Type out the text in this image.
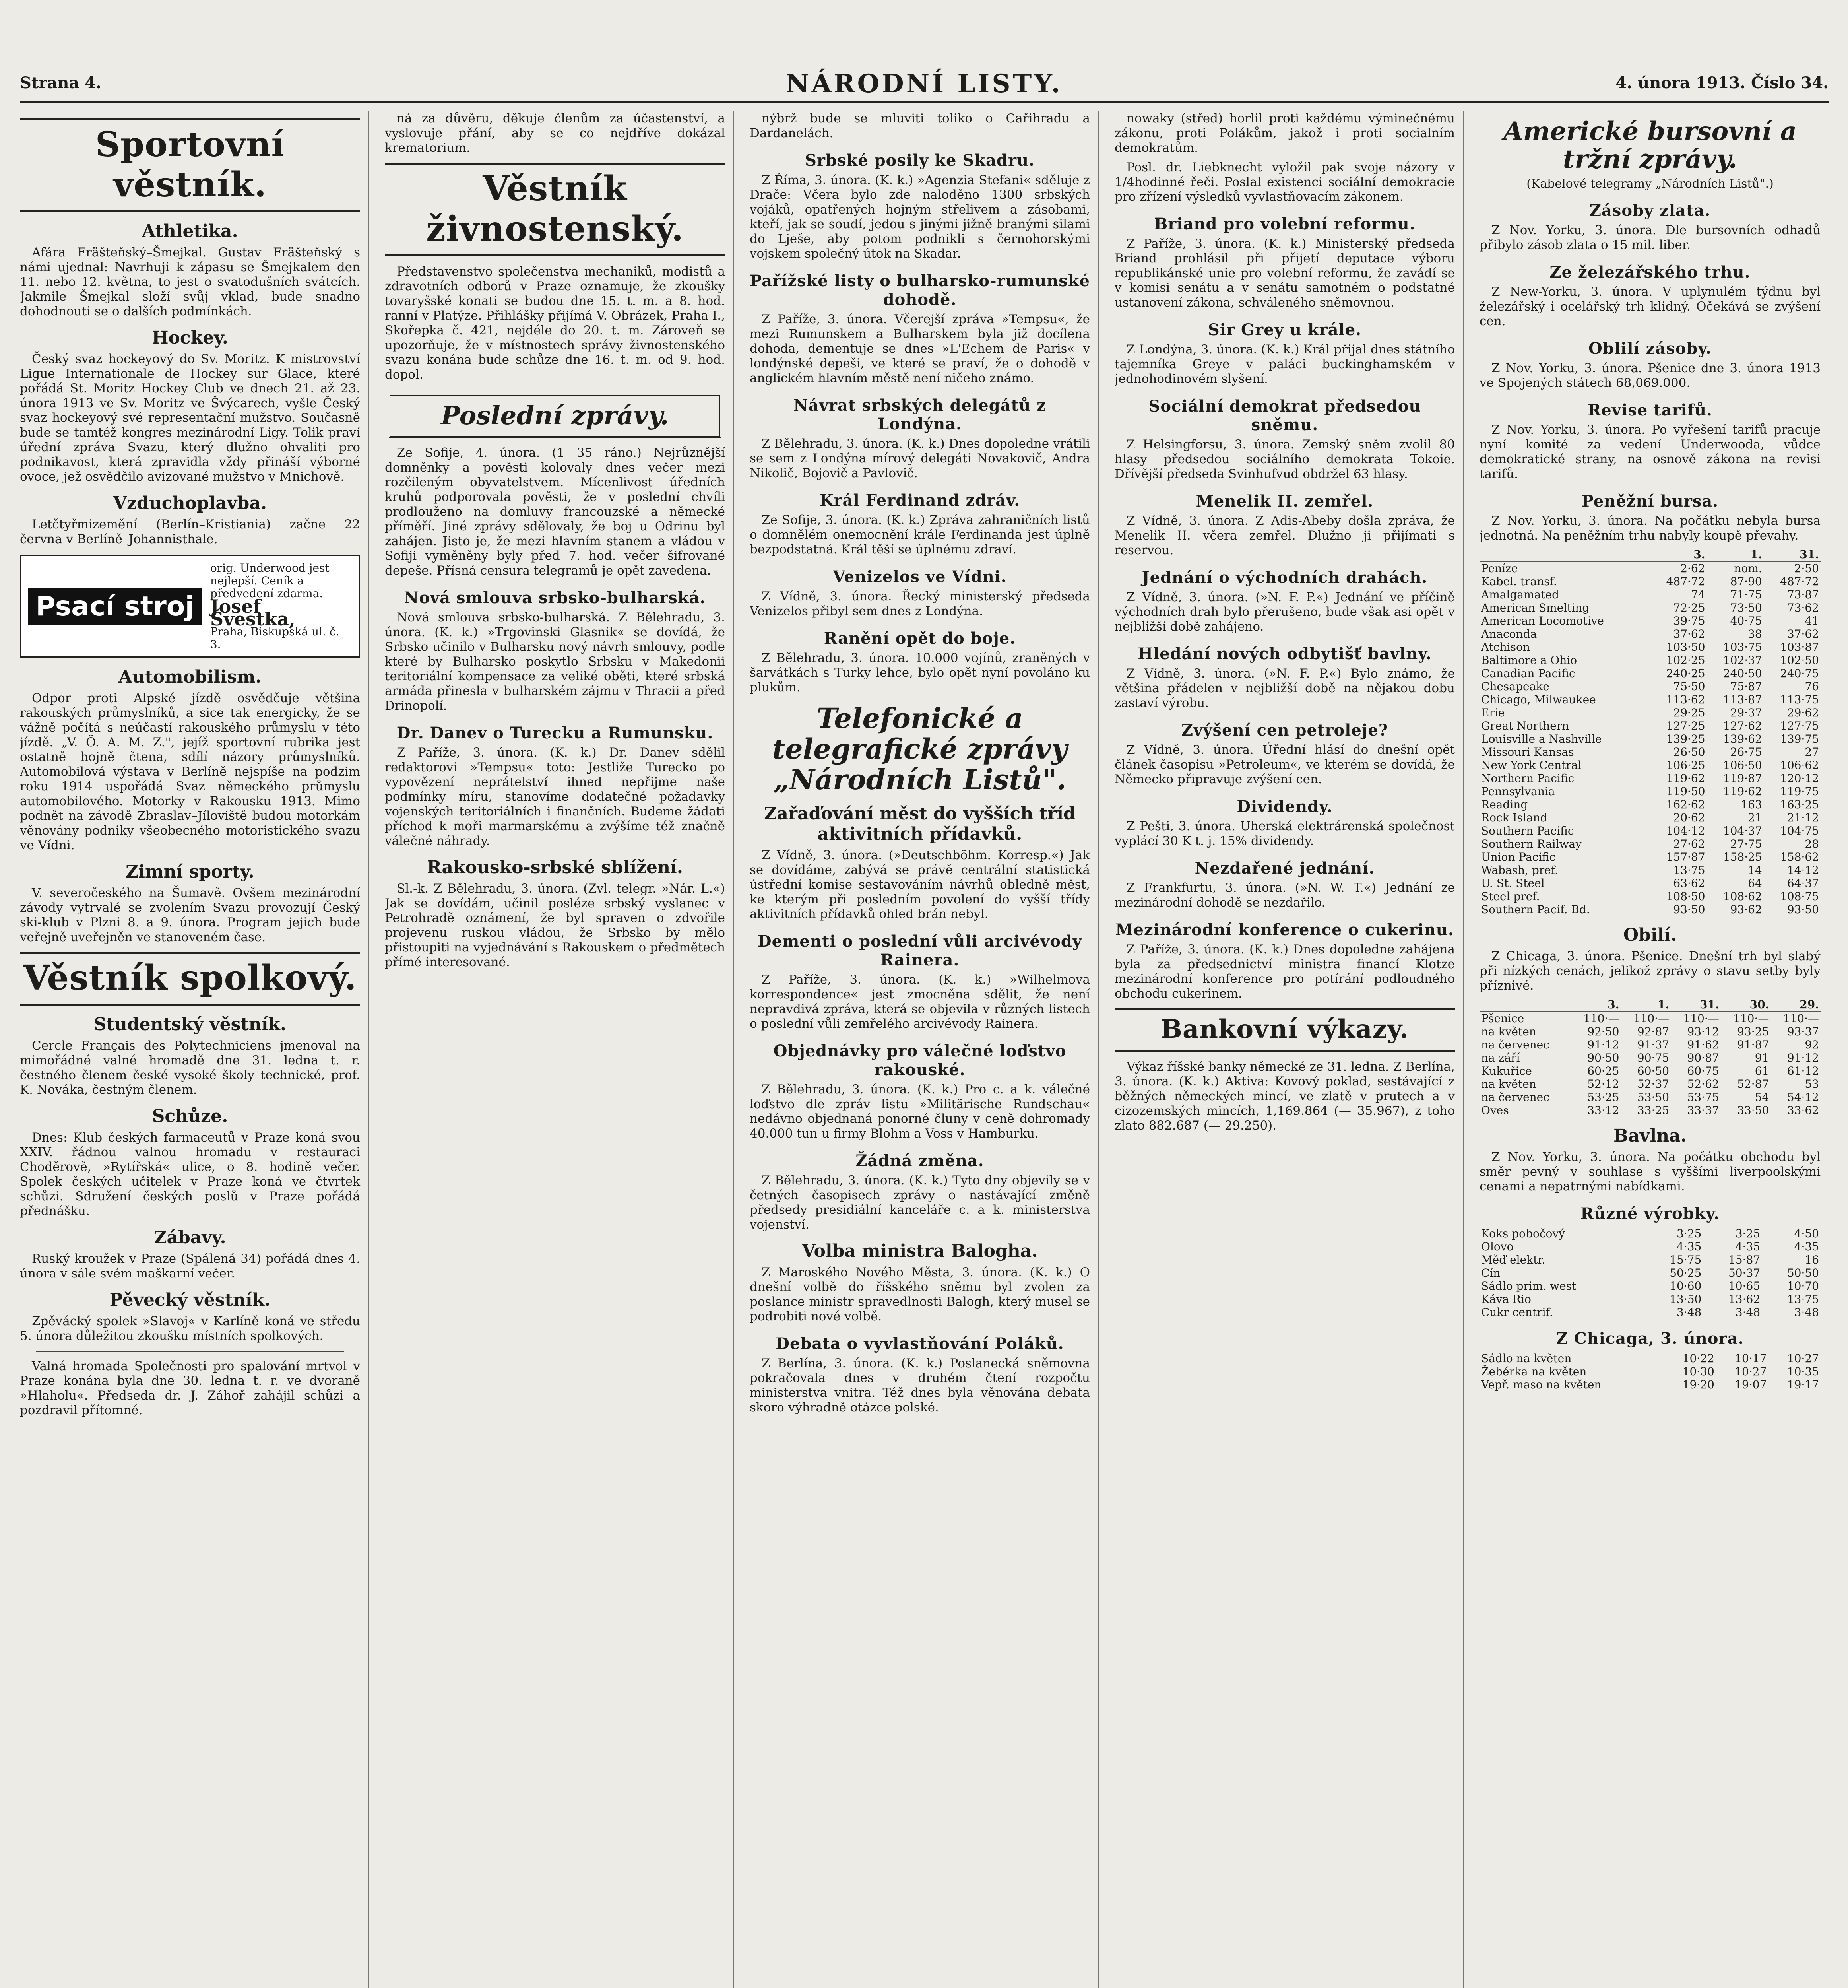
Strana 4.	NÁRODNÍ LISTY.	4. února 1913. Číslo 34.
Sportovní věstník.
Athletika.

Afára Fräšteňský–Šmejkal. Gustav Fräšteňský s námi ujednal: Navrhuji k zápasu se Šmejkalem den 11. nebo 12. května, to jest o svatodušních svátcích. Jakmile Šmejkal složí svůj vklad, bude snadno dohodnouti se o dalších podmínkách.

Hockey.

Český svaz hockeyový do Sv. Moritz. K mistrovství Ligue Internationale de Hockey sur Glace, které pořádá St. Moritz Hockey Club ve dnech 21. až 23. února 1913 ve Sv. Moritz ve Švýcarech, vyšle Český svaz hockeyový své representační mužstvo. Současně bude se tamtéž kongres mezinárodní Ligy. Tolik praví úřední zpráva Svazu, který dlužno ohvaliti pro podnikavost, která zpravidla vždy přináší výborné ovoce, jež osvědčilo avizované mužstvo v Mnichově.

Vzduchoplavba.

Letčtyřmizemění (Berlín–Kristiania) začne 22 června v Berlíně–Johannisthale.

Psací stroj
orig. Underwood jest nejlepší. Ceník a předvedení zdarma.
Josef Švestka,
Praha, Biskupská ul. č. 3.
Automobilism.

Odpor proti Alpské jízdě osvědčuje většina rakouských průmyslníků, a sice tak energicky, že se vážně počítá s neúčastí rakouského průmyslu v této jízdě. „V. Ö. A. M. Z.", jejíž sportovní rubrika jest ostatně hojně čtena, sdílí názory průmyslníků. Automobilová výstava v Berlíně nejspíše na podzim roku 1914 uspořádá Svaz německého průmyslu automobilového. Motorky v Rakousku 1913. Mimo podnět na závodě Zbraslav–Jíloviště budou motorkám věnovány podniky všeobecného motoristického svazu ve Vídni.

Zimní sporty.

V. severočeského na Šumavě. Ovšem mezinárodní závody vytrvalé se zvolením Svazu provozují Český ski-klub v Plzni 8. a 9. února. Program jejich bude veřejně uveřejněn ve stanoveném čase.

Věstník spolkový.
Studentský věstník.

Cercle Français des Polytechniciens jmenoval na mimořádné valné hromadě dne 31. ledna t. r. čestného členem české vysoké školy technické, prof. K. Nováka, čestným členem.

Schůze.

Dnes: Klub českých farmaceutů v Praze koná svou XXIV. řádnou valnou hromadu v restauraci Choděrově, »Rytířská« ulice, o 8. hodině večer. Spolek českých učitelek v Praze koná ve čtvrtek schůzi. Sdružení českých poslů v Praze pořádá přednášku.

Zábavy.

Ruský kroužek v Praze (Spálená 34) pořádá dnes 4. února v sále svém maškarní večer.

Pěvecký věstník.

Zpěvácký spolek »Slavoj« v Karlíně koná ve středu 5. února důležitou zkoušku místních spolkových.

Valná hromada Společnosti pro spalování mrtvol v Praze konána byla dne 30. ledna t. r. ve dvoraně »Hlaholu«. Předseda dr. J. Záhoř zahájil schůzi a pozdravil přítomné.

ná za důvěru, děkuje členům za účastenství, a vyslovuje přání, aby se co nejdříve dokázal krematorium.

Věstník živnostenský.

Představenstvo společenstva mechaniků, modistů a zdravotních odborů v Praze oznamuje, že zkoušky tovaryšské konati se budou dne 15. t. m. a 8. hod. ranní v Platýze. Přihlášky přijímá V. Obrázek, Praha I., Skořepka č. 421, nejdéle do 20. t. m. Zároveň se upozorňuje, že v místnostech správy živnostenského svazu konána bude schůze dne 16. t. m. od 9. hod. dopol.

Poslední zprávy.

Ze Sofije, 4. února. (1 35 ráno.) Nejrůznější domněnky a pověsti kolovaly dnes večer mezi rozčileným obyvatelstvem. Mícenlivost úředních kruhů podporovala pověsti, že v poslední chvíli prodlouženo na domluvy francouzské a německé příměří. Jiné zprávy sdělovaly, že boj u Odrinu byl zahájen. Jisto je, že mezi hlavním stanem a vládou v Sofiji vyměněny byly před 7. hod. večer šifrované depeše. Přísná censura telegramů je opět zavedena.

Nová smlouva srbsko-bulharská.

Nová smlouva srbsko-bulharská. Z Bělehradu, 3. února. (K. k.) »Trgovinski Glasnik« se dovídá, že Srbsko učinilo v Bulharsku nový návrh smlouvy, podle které by Bulharsko poskytlo Srbsku v Makedonii teritoriální kompensace za veliké oběti, které srbská armáda přinesla v bulharském zájmu v Thracii a před Drinopolí.

Dr. Danev o Turecku a Rumunsku.

Z Paříže, 3. února. (K. k.) Dr. Danev sdělil redaktorovi »Tempsu« toto: Jestliže Turecko po vypovězení neprátelství ihned nepřijme naše podmínky míru, stanovíme dodatečné požadavky vojenských teritoriálních i finančních. Budeme žádati příchod k moři marmarskému a zvýšíme též značně válečné náhrady.

Rakousko-srbské sblížení.

Sl.-k. Z Bělehradu, 3. února. (Zvl. telegr. »Nár. L.«) Jak se dovídám, učinil posléze srbský vyslanec v Petrohradě oznámení, že byl spraven o zdvořile projevenu ruskou vládou, že Srbsko by mělo přistoupiti na vyjednávání s Rakouskem o předmětech přímé interesované.

nýbrž bude se mluviti toliko o Cařihradu a Dardanelách.

Srbské posily ke Skadru.

Z Říma, 3. února. (K. k.) »Agenzia Stefani« sděluje z Drače: Včera bylo zde naloděno 1300 srbských vojáků, opatřených hojným střelivem a zásobami, kteří, jak se soudí, jedou s jinými jižně branými silami do Lješe, aby potom podnikli s černohorskými vojskem společný útok na Skadar.

Pařížské listy o bulharsko-rumunské dohodě.

Z Paříže, 3. února. Včerejší zpráva »Tempsu«, že mezi Rumunskem a Bulharskem byla již docílena dohoda, dementuje se dnes »L'Echem de Paris« v londýnské depeši, ve které se praví, že o dohodě v anglickém hlavním městě není ničeho známo.

Návrat srbských delegátů z Londýna.

Z Bělehradu, 3. února. (K. k.) Dnes dopoledne vrátili se sem z Londýna mírový delegáti Novakovič, Andra Nikolič, Bojovič a Pavlovič.

Král Ferdinand zdráv.

Ze Sofije, 3. února. (K. k.) Zpráva zahraničních listů o domnělém onemocnění krále Ferdinanda jest úplně bezpodstatná. Král těší se úplnému zdraví.

Venizelos ve Vídni.

Z Vídně, 3. února. Řecký ministerský předseda Venizelos přibyl sem dnes z Londýna.

Ranění opět do boje.

Z Bělehradu, 3. února. 10.000 vojínů, zraněných v šarvátkách s Turky lehce, bylo opět nyní povoláno ku plukům.

Telefonické a telegrafické zprávy „Národních Listů".
Zařaďování měst do vyšších tříd aktivitních přídavků.

Z Vídně, 3. února. (»Deutschböhm. Korresp.«) Jak se dovídáme, zabývá se právě centrální statistická ústřední komise sestavováním návrhů obledně měst, ke kterým při posledním povolení do vyšší třídy aktivitních přídavků ohled brán nebyl.

Dementi o poslední vůli arcivévody Rainera.

Z Paříže, 3. února. (K. k.) »Wilhelmova korrespondence« jest zmocněna sdělit, že není nepravdivá zpráva, která se objevila v různých listech o poslední vůli zemřelého arcivévody Rainera.

Objednávky pro válečné loďstvo rakouské.

Z Bělehradu, 3. února. (K. k.) Pro c. a k. válečné loďstvo dle zpráv listu »Militärische Rundschau« nedávno objednaná ponorné čluny v ceně dohromady 40.000 tun u firmy Blohm a Voss v Hamburku.

Žádná změna.

Z Bělehradu, 3. února. (K. k.) Tyto dny objevily se v četných časopisech zprávy o nastávající změně předsedy presidiální kanceláře c. a k. ministerstva vojenství.

Volba ministra Balogha.

Z Maroského Nového Města, 3. února. (K. k.) O dnešní volbě do říšského sněmu byl zvolen za poslance ministr spravedlnosti Balogh, který musel se podrobiti nové volbě.

Debata o vyvlastňování Poláků.

Z Berlína, 3. února. (K. k.) Poslanecká sněmovna pokračovala dnes v druhém čtení rozpočtu ministerstva vnitra. Též dnes byla věnována debata skoro výhradně otázce polské.

nowaky (střed) horlil proti každému výminečnému zákonu, proti Polákům, jakož i proti socialním demokratům.

Posl. dr. Liebknecht vyložil pak svoje názory v 1/4hodinné řeči. Poslal existenci sociální demokracie pro zřízení výsledků vyvlastňovacím zákonem.

Briand pro volební reformu.

Z Paříže, 3. února. (K. k.) Ministerský předseda Briand prohlásil při přijetí deputace výboru republikánské unie pro volební reformu, že zavádí se v komisi senátu a v senátu samotném o podstatné ustanovení zákona, schváleného sněmovnou.

Sir Grey u krále.

Z Londýna, 3. února. (K. k.) Král přijal dnes státního tajemníka Greye v paláci buckinghamském v jednohodinovém slyšení.

Sociální demokrat předsedou sněmu.

Z Helsingforsu, 3. února. Zemský sněm zvolil 80 hlasy předsedou sociálního demokrata Tokoie. Dřívější předseda Svinhufvud obdržel 63 hlasy.

Menelik II. zemřel.

Z Vídně, 3. února. Z Adis-Abeby došla zpráva, že Menelik II. včera zemřel. Dlužno ji přijímati s reservou.

Jednání o východních drahách.

Z Vídně, 3. února. (»N. F. P.«) Jednání ve příčině východních drah bylo přerušeno, bude však asi opět v nejbližší době zahájeno.

Hledání nových odbytišť bavlny.

Z Vídně, 3. února. (»N. F. P.«) Bylo známo, že většina přádelen v nejbližší době na nějakou dobu zastaví výrobu.

Zvýšení cen petroleje?

Z Vídně, 3. února. Úřední hlásí do dnešní opět článek časopisu »Petroleum«, ve kterém se dovídá, že Německo připravuje zvýšení cen.

Dividendy.

Z Pešti, 3. února. Uherská elektrárenská společnost vyplácí 30 K t. j. 15% dividendy.

Nezdařené jednání.

Z Frankfurtu, 3. února. (»N. W. T.«) Jednání ze mezinárodní dohodě se nezdařilo.

Mezinárodní konference o cukerinu.

Z Paříže, 3. února. (K. k.) Dnes dopoledne zahájena byla za předsednictví ministra financí Klotze mezinárodní konference pro potírání podloudného obchodu cukerinem.

Bankovní výkazy.

Výkaz říšské banky německé ze 31. ledna. Z Berlína, 3. února. (K. k.) Aktiva: Kovový poklad, sestávající z běžných německých mincí, ve zlatě v prutech a v cizozemských mincích, 1,169.864 (— 35.967), z toho zlato 882.687 (— 29.250).

Americké bursovní a tržní zprávy.
(Kabelové telegramy „Národních Listů".)
Zásoby zlata.

Z Nov. Yorku, 3. února. Dle bursovních odhadů přibylo zásob zlata o 15 mil. liber.

Ze železářského trhu.

Z New-Yorku, 3. února. V uplynulém týdnu byl železářský i ocelářský trh klidný. Očekává se zvýšení cen.

Oblilí zásoby.

Z Nov. Yorku, 3. února. Pšenice dne 3. února 1913 ve Spojených státech 68,069.000.

Revise tarifů.

Z Nov. Yorku, 3. února. Po vyřešení tarifů pracuje nyní komité za vedení Underwooda, vůdce demokratické strany, na osnově zákona na revisi tarifů.

Peněžní bursa.

Z Nov. Yorku, 3. února. Na počátku nebyla bursa jednotná. Na peněžním trhu nabyly koupě převahy.

	3.	1.	31.
Peníze	2·62	nom.	2·50
Kabel. transf.	487·72	87·90	487·72
Amalgamated	74	71·75	73·87
American Smelting	72·25	73·50	73·62
American Locomotive	39·75	40·75	41
Anaconda	37·62	38	37·62
Atchison	103·50	103·75	103·87
Baltimore a Ohio	102·25	102·37	102·50
Canadian Pacific	240·25	240·50	240·75
Chesapeake	75·50	75·87	76
Chicago, Milwaukee	113·62	113·87	113·75
Erie	29·25	29·37	29·62
Great Northern	127·25	127·62	127·75
Louisville a Nashville	139·25	139·62	139·75
Missouri Kansas	26·50	26·75	27
New York Central	106·25	106·50	106·62
Northern Pacific	119·62	119·87	120·12
Pennsylvania	119·50	119·62	119·75
Reading	162·62	163	163·25
Rock Island	20·62	21	21·12
Southern Pacific	104·12	104·37	104·75
Southern Railway	27·62	27·75	28
Union Pacific	157·87	158·25	158·62
Wabash, pref.	13·75	14	14·12
U. St. Steel	63·62	64	64·37
Steel pref.	108·50	108·62	108·75
Southern Pacif. Bd.	93·50	93·62	93·50
Obilí.

Z Chicaga, 3. února. Pšenice. Dnešní trh byl slabý při nízkých cenách, jelikož zprávy o stavu setby byly příznivé.

	3.	1.	31.	30.	29.
Pšenice	110·—	110·—	110·—	110·—	110·—
na květen	92·50	92·87	93·12	93·25	93·37
na červenec	91·12	91·37	91·62	91·87	92
na září	90·50	90·75	90·87	91	91·12
Kukuřice	60·25	60·50	60·75	61	61·12
na květen	52·12	52·37	52·62	52·87	53
na červenec	53·25	53·50	53·75	54	54·12
Oves	33·12	33·25	33·37	33·50	33·62
Bavlna.

Z Nov. Yorku, 3. února. Na počátku obchodu byl směr pevný v souhlase s vyššími liverpoolskými cenami a nepatrnými nabídkami.

Různé výrobky.
Koks pobočový	3·25	3·25	4·50
Olovo	4·35	4·35	4·35
Měď elektr.	15·75	15·87	16
Cín	50·25	50·37	50·50
Sádlo prim. west	10·60	10·65	10·70
Káva Rio	13·50	13·62	13·75
Cukr centrif.	3·48	3·48	3·48
Z Chicaga, 3. února.
Sádlo na květen	10·22	10·17	10·27
Žebérka na květen	10·30	10·27	10·35
Vepř. maso na květen	19·20	19·07	19·17
